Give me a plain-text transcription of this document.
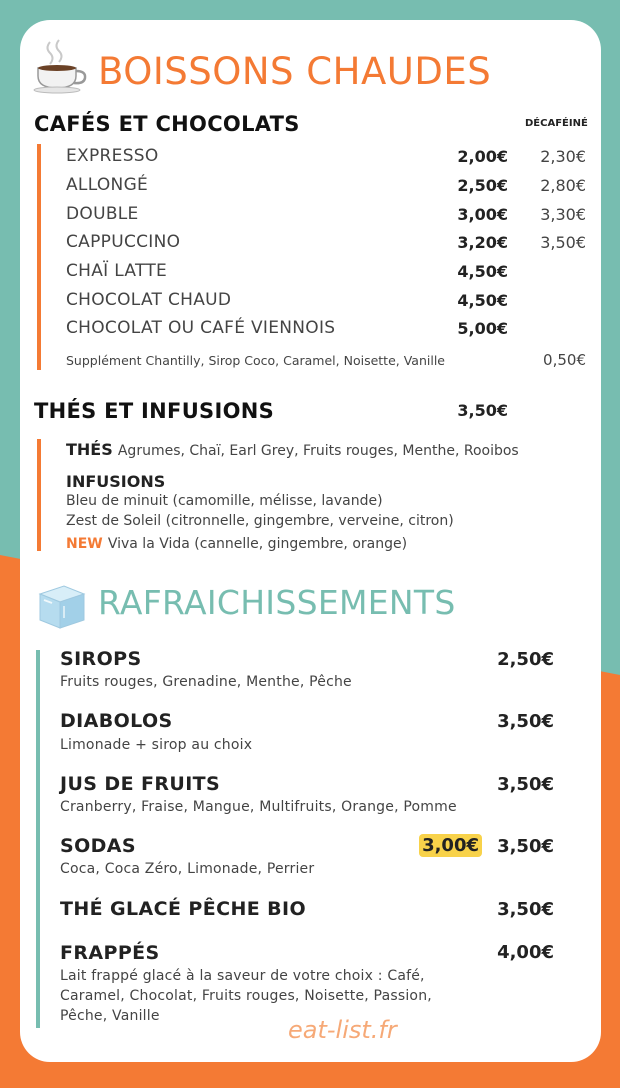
BOISSONS CHAUDES
CAFÉS ET CHOCOLATS	DÉCAFÉINÉ
EXPRESSO	2,00€	2,30€
ALLONGÉ	2,50€	2,80€
DOUBLE	3,00€	3,30€
CAPPUCCINO	3,20€	3,50€
CHAÏ LATTE	4,50€
CHOCOLAT CHAUD	4,50€
CHOCOLAT OU CAFÉ VIENNOIS	5,00€
Supplément Chantilly, Sirop Coco, Caramel, Noisette, Vanille	0,50€
THÉS ET INFUSIONS	3,50€
THÉS Agrumes, Chaï, Earl Grey, Fruits rouges, Menthe, Rooibos
INFUSIONS
Bleu de minuit (camomille, mélisse, lavande)
Zest de Soleil (citronnelle, gingembre, verveine, citron)
NEW Viva la Vida (cannelle, gingembre, orange)
RAFRAICHISSEMENTS
SIROPS	2,50€
Fruits rouges, Grenadine, Menthe, Pêche
DIABOLOS	3,50€
Limonade + sirop au choix
JUS DE FRUITS	3,50€
Cranberry, Fraise, Mangue, Multifruits, Orange, Pomme
SODAS	3,00€	3,50€
Coca, Coca Zéro, Limonade, Perrier
THÉ GLACÉ PÊCHE BIO	3,50€
FRAPPÉS	4,00€
Lait frappé glacé à la saveur de votre choix : Café,
Caramel, Chocolat, Fruits rouges, Noisette, Passion,
Pêche, Vanille	eat-list.fr
